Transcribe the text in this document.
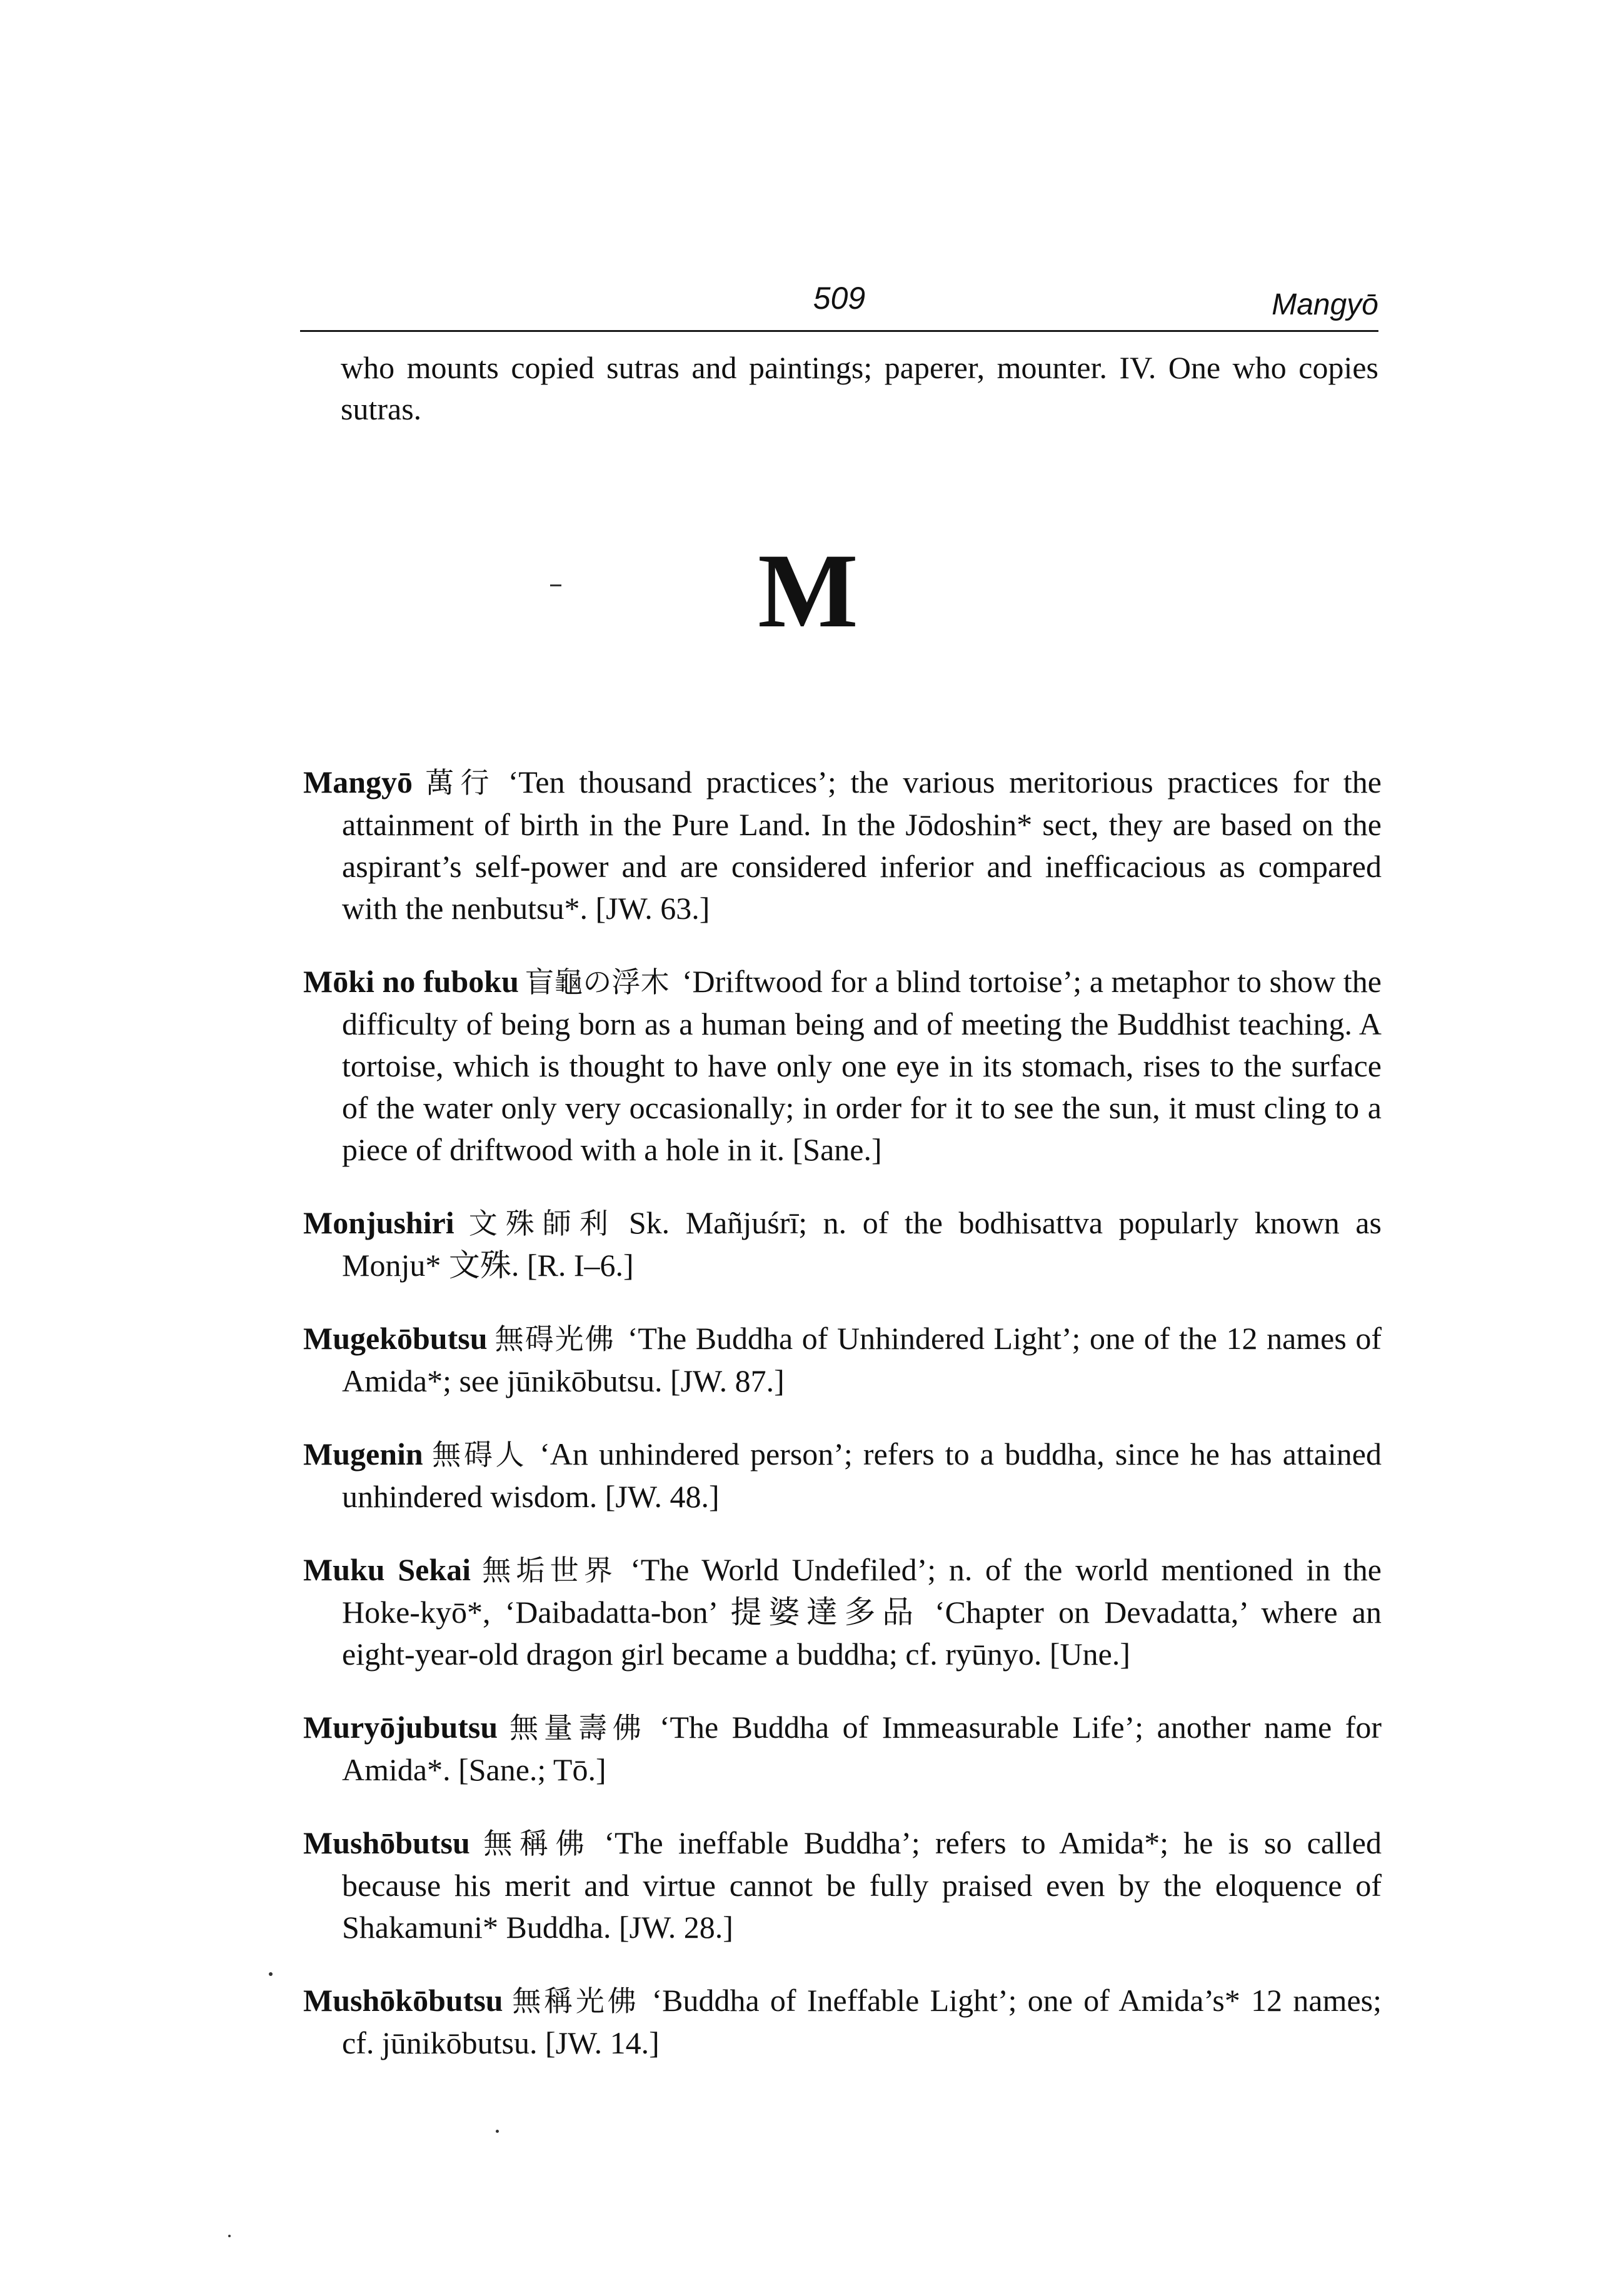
509	Mangyō
who mounts copied sutras and paintings; paperer, mounter. IV. One who copies sutras.
M

Mangyō 萬行 ‘Ten thousand practices’; the various meritorious practices for the attainment of birth in the Pure Land. In the Jōdoshin* sect, they are based on the aspirant’s self-power and are considered inferior and inefficacious as compared with the nenbutsu*. [JW. 63.]

Mōki no fuboku 盲龜の浮木 ‘Driftwood for a blind tortoise’; a metaphor to show the difficulty of being born as a human being and of meeting the Buddhist teaching. A tortoise, which is thought to have only one eye in its stomach, rises to the surface of the water only very occasionally; in order for it to see the sun, it must cling to a piece of driftwood with a hole in it. [Sane.]

Monjushiri 文殊師利 Sk. Mañjuśrī; n. of the bodhisattva popularly known as Monju* 文殊. [R. I–6.]

Mugekōbutsu 無碍光佛 ‘The Buddha of Unhindered Light’; one of the 12 names of Amida*; see jūnikōbutsu. [JW. 87.]

Mugenin 無碍人 ‘An unhindered person’; refers to a buddha, since he has attained unhindered wisdom. [JW. 48.]

Muku Sekai 無垢世界 ‘The World Undefiled’; n. of the world mentioned in the Hoke-kyō*, ‘Daibadatta-bon’ 提婆達多品 ‘Chapter on Devadatta,’ where an eight-year-old dragon girl became a buddha; cf. ryūnyo. [Une.]

Muryōjubutsu 無量壽佛 ‘The Buddha of Immeasurable Life’; another name for Amida*. [Sane.; Tō.]

Mushōbutsu 無稱佛 ‘The ineffable Buddha’; refers to Amida*; he is so called because his merit and virtue cannot be fully praised even by the eloquence of Shakamuni* Buddha. [JW. 28.]

Mushōkōbutsu 無稱光佛 ‘Buddha of Ineffable Light’; one of Amida’s* 12 names; cf. jūnikōbutsu. [JW. 14.]
